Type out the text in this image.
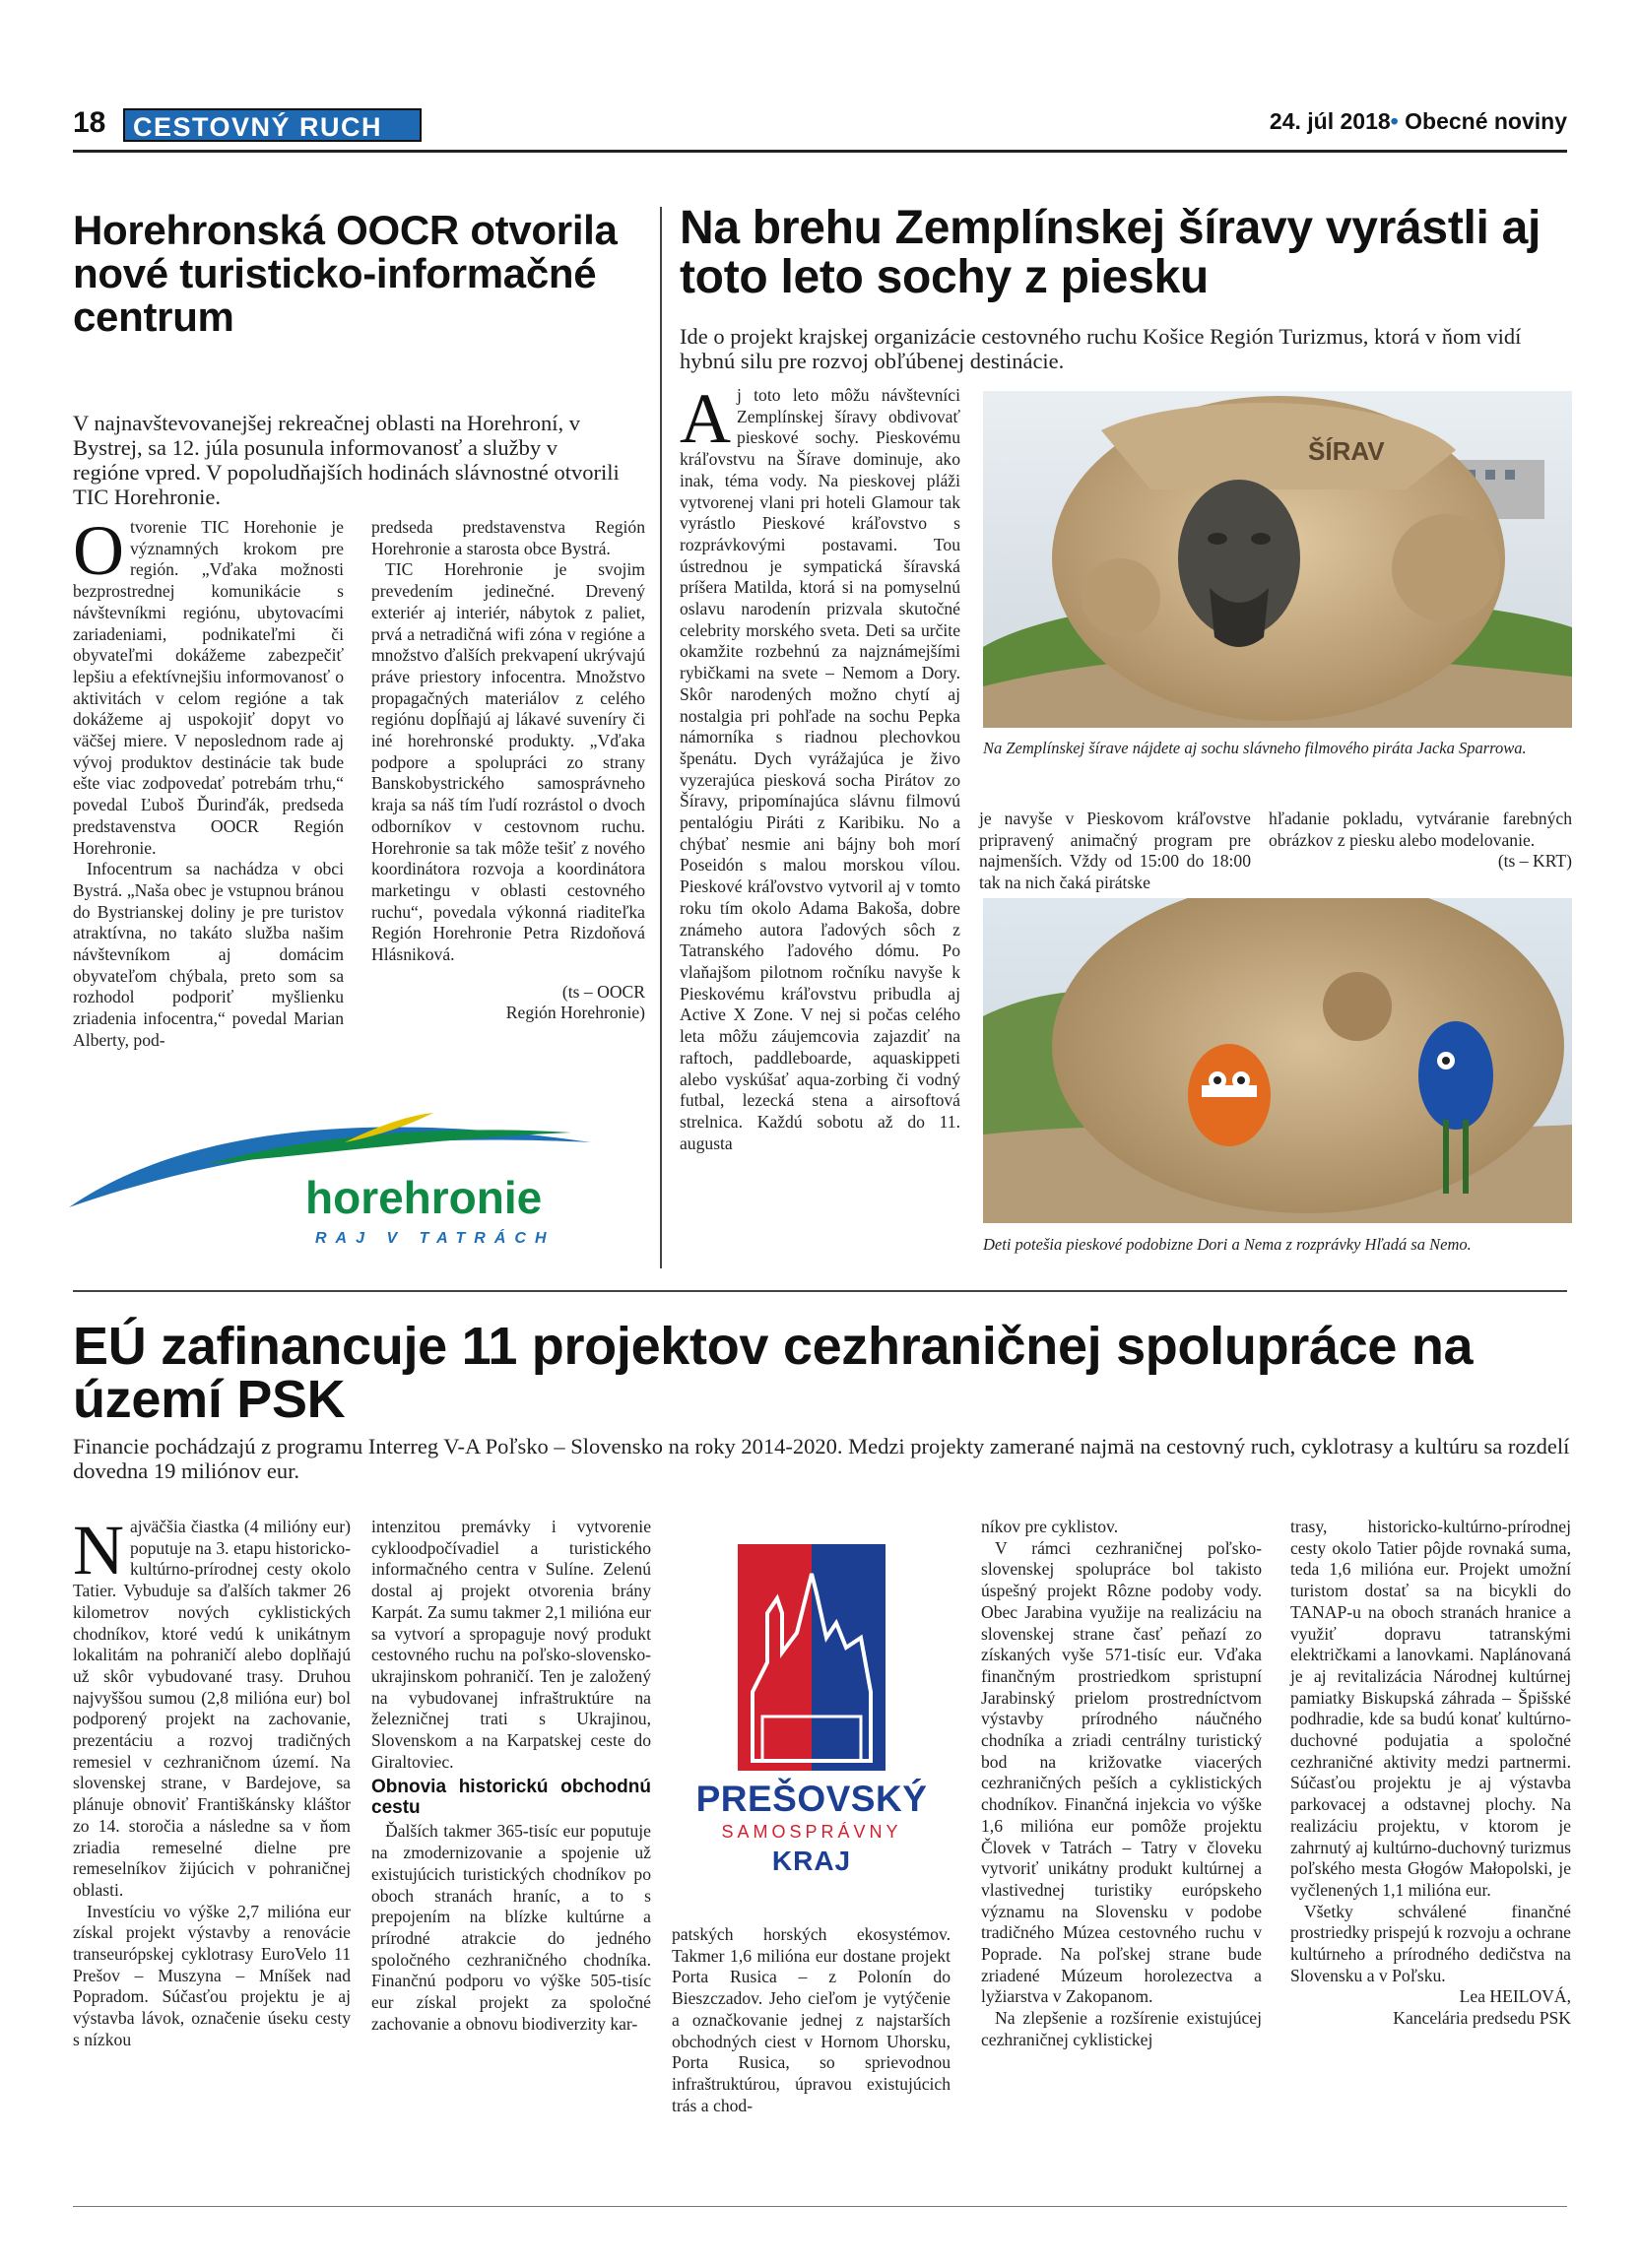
18	CESTOVNÝ RUCH	24. júl 2018• Obecné noviny
Horehronská OOCR otvorila nové turisticko-informačné centrum
V najnavštevovanejšej rekreačnej oblasti na Horehroní, v Bystrej, sa 12. júla posunula informovanosť a služby v regióne vpred. V popoludňajších hodinách slávnostné otvorili TIC Horehronie.

Otvorenie TIC Horehonie je významných krokom pre región. „Vďaka možnosti bezprostrednej komunikácie s návštevníkmi regiónu, ubytovacími zariadeniami, podnikateľmi či obyvateľmi dokážeme zabezpečiť lepšiu a efektívnejšiu informovanosť o aktivitách v celom regióne a tak dokážeme aj uspokojiť dopyt vo väčšej miere. V neposlednom rade aj vývoj produktov destinácie tak bude ešte viac zodpovedať potrebám trhu,“ povedal Ľuboš Ďurinďák, predseda predstavenstva OOCR Región Horehronie.

Infocentrum sa nachádza v obci Bystrá. „Naša obec je vstupnou bránou do Bystrianskej doliny je pre turistov atraktívna, no takáto služba našim návštevníkom aj domácim obyvateľom chýbala, preto som sa rozhodol podporiť myšlienku zriadenia infocentra,“ povedal Marian Alberty, pod-

predseda predstavenstva Región Horehronie a starosta obce Bystrá.

TIC Horehronie je svojim prevedením jedinečné. Drevený exteriér aj interiér, nábytok z paliet, prvá a netradičná wifi zóna v regióne a množstvo ďalších prekvapení ukrývajú práve priestory infocentra. Množstvo propagačných materiálov z celého regiónu dopĺňajú aj lákavé suveníry či iné horehronské produkty. „Vďaka podpore a spolupráci zo strany Banskobystrického samosprávneho kraja sa náš tím ľudí rozrástol o dvoch odborníkov v cestovnom ruchu. Horehronie sa tak môže tešiť z nového koordinátora rozvoja a koordinátora marketingu v oblasti cestovného ruchu“, povedala výkonná riaditeľka Región Horehronie Petra Rizdoňová Hlásniková.

(ts – OOCR
Región Horehronie)
horehronie
RAJ V TATRÁCH
Na brehu Zemplínskej šíravy vyrástli aj toto leto sochy z piesku
Ide o projekt krajskej organizácie cestovného ruchu Košice Región Turizmus, ktorá v ňom vidí hybnú silu pre rozvoj obľúbenej destinácie.

Aj toto leto môžu návštevníci Zemplínskej šíravy obdivovať pieskové sochy. Pieskovému kráľovstvu na Šírave dominuje, ako inak, téma vody. Na pieskovej pláži vytvorenej vlani pri hoteli Glamour tak vyrástlo Pieskové kráľovstvo s rozprávkovými postavami. Tou ústrednou je sympatická šíravská príšera Matilda, ktorá si na pomyselnú oslavu narodenín prizvala skutočné celebrity morského sveta. Deti sa určite okamžite rozbehnú za najznámejšími rybičkami na svete – Nemom a Dory. Skôr narodených možno chytí aj nostalgia pri pohľade na sochu Pepka námorníka s riadnou plechovkou špenátu. Dych vyrážajúca je živo vyzerajúca piesková socha Pirátov zo Šíravy, pripomínajúca slávnu filmovú pentalógiu Piráti z Karibiku. No a chýbať nesmie ani bájny boh morí Poseidón s malou morskou vílou. Pieskové kráľovstvo vytvoril aj v tomto roku tím okolo Adama Bakoša, dobre známeho autora ľadových sôch z Tatranského ľadového dómu. Po vlaňajšom pilotnom ročníku navyše k Pieskovému kráľovstvu pribudla aj Active X Zone. V nej si počas celého leta môžu záujemcovia zajazdiť na raftoch, paddleboarde, aquaskippeti alebo vyskúšať aqua-zorbing či vodný futbal, lezecká stena a airsoftová strelnica. Každú sobotu až do 11. augusta

ŠÍRAV
Na Zemplínskej šírave nájdete aj sochu slávneho filmového piráta Jacka Sparrowa.

je navyše v Pieskovom kráľovstve pripravený animačný program pre najmenších. Vždy od 15:00 do 18:00 tak na nich čaká pirátske

hľadanie pokladu, vytváranie farebných obrázkov z piesku alebo modelovanie.

(ts – KRT)
Deti potešia pieskové podobizne Dori a Nema z rozprávky Hľadá sa Nemo.
EÚ zafinancuje 11 projektov cezhraničnej spolupráce na území PSK
Financie pochádzajú z programu Interreg V-A Poľsko – Slovensko na roky 2014-2020. Medzi projekty zamerané najmä na cestovný ruch, cyklotrasy a kultúru sa rozdelí dovedna 19 miliónov eur.

Najväčšia čiastka (4 milióny eur) poputuje na 3. etapu historicko-kultúrno-prírodnej cesty okolo Tatier. Vybuduje sa ďalších takmer 26 kilometrov nových cyklistických chodníkov, ktoré vedú k unikátnym lokalitám na pohraničí alebo doplňajú už skôr vybudované trasy. Druhou najvyššou sumou (2,8 milióna eur) bol podporený projekt na zachovanie, prezentáciu a rozvoj tradičných remesiel v cezhraničnom území. Na slovenskej strane, v Bardejove, sa plánuje obnoviť Františkánsky kláštor zo 14. storočia a následne sa v ňom zriadia remeselné dielne pre remeselníkov žijúcich v pohraničnej oblasti.

Investíciu vo výške 2,7 milióna eur získal projekt výstavby a renovácie transeurópskej cyklotrasy EuroVelo 11 Prešov – Muszyna – Mníšek nad Popradom. Súčasťou projektu je aj výstavba lávok, označenie úseku cesty s nízkou

intenzitou premávky i vytvorenie cykloodpočívadiel a turistického informačného centra v Sulíne. Zelenú dostal aj projekt otvorenia brány Karpát. Za sumu takmer 2,1 milióna eur sa vytvorí a spropaguje nový produkt cestovného ruchu na poľsko-slovensko-ukrajinskom pohraničí. Ten je založený na vybudovanej infraštruktúre na železničnej trati s Ukrajinou, Slovenskom a na Karpatskej ceste do Giraltoviec.

Obnovia historickú obchodnú cestu

Ďalších takmer 365-tisíc eur poputuje na zmodernizovanie a spojenie už existujúcich turistických chodníkov po oboch stranách hraníc, a to s prepojením na blízke kultúrne a prírodné atrakcie do jedného spoločného cezhraničného chodníka. Finančnú podporu vo výške 505-tisíc eur získal projekt za spoločné zachovanie a obnovu biodiverzity kar-

PREŠOVSKÝ
SAMOSPRÁVNY
KRAJ

patských horských ekosystémov. Takmer 1,6 milióna eur dostane projekt Porta Rusica – z Polonín do Bieszczadov. Jeho cieľom je vytýčenie a označkovanie jednej z najstarších obchodných ciest v Hornom Uhorsku, Porta Rusica, so sprievodnou infraštruktúrou, úpravou existujúcich trás a chod-

níkov pre cyklistov.

V rámci cezhraničnej poľsko-slovenskej spolupráce bol takisto úspešný projekt Rôzne podoby vody. Obec Jarabina využije na realizáciu na slovenskej strane časť peňazí zo získaných vyše 571-tisíc eur. Vďaka finančným prostriedkom spristupní Jarabinský prielom prostredníctvom výstavby prírodného náučného chodníka a zriadi centrálny turistický bod na križovatke viacerých cezhraničných peších a cyklistických chodníkov. Finančná injekcia vo výške 1,6 milióna eur pomôže projektu Človek v Tatrách – Tatry v človeku vytvoriť unikátny produkt kultúrnej a vlastivednej turistiky európskeho významu na Slovensku v podobe tradičného Múzea cestovného ruchu v Poprade. Na poľskej strane bude zriadené Múzeum horolezectva a lyžiarstva v Zakopanom.

Na zlepšenie a rozšírenie existujúcej cezhraničnej cyklistickej

trasy, historicko-kultúrno-prírodnej cesty okolo Tatier pôjde rovnaká suma, teda 1,6 milióna eur. Projekt umožní turistom dostať sa na bicykli do TANAP-u na oboch stranách hranice a využiť dopravu tatranskými električkami a lanovkami. Naplánovaná je aj revitalizácia Národnej kultúrnej pamiatky Biskupská záhrada – Špišské podhradie, kde sa budú konať kultúrno-duchovné podujatia a spoločné cezhraničné aktivity medzi partnermi. Súčasťou projektu je aj výstavba parkovacej a odstavnej plochy. Na realizáciu projektu, v ktorom je zahrnutý aj kultúrno-duchovný turizmus poľského mesta Głogów Małopolski, je vyčlenených 1,1 milióna eur.

Všetky schválené finančné prostriedky prispejú k rozvoju a ochrane kultúrneho a prírodného dedičstva na Slovensku a v Poľsku.

Lea HEILOVÁ,
Kancelária predsedu PSK
